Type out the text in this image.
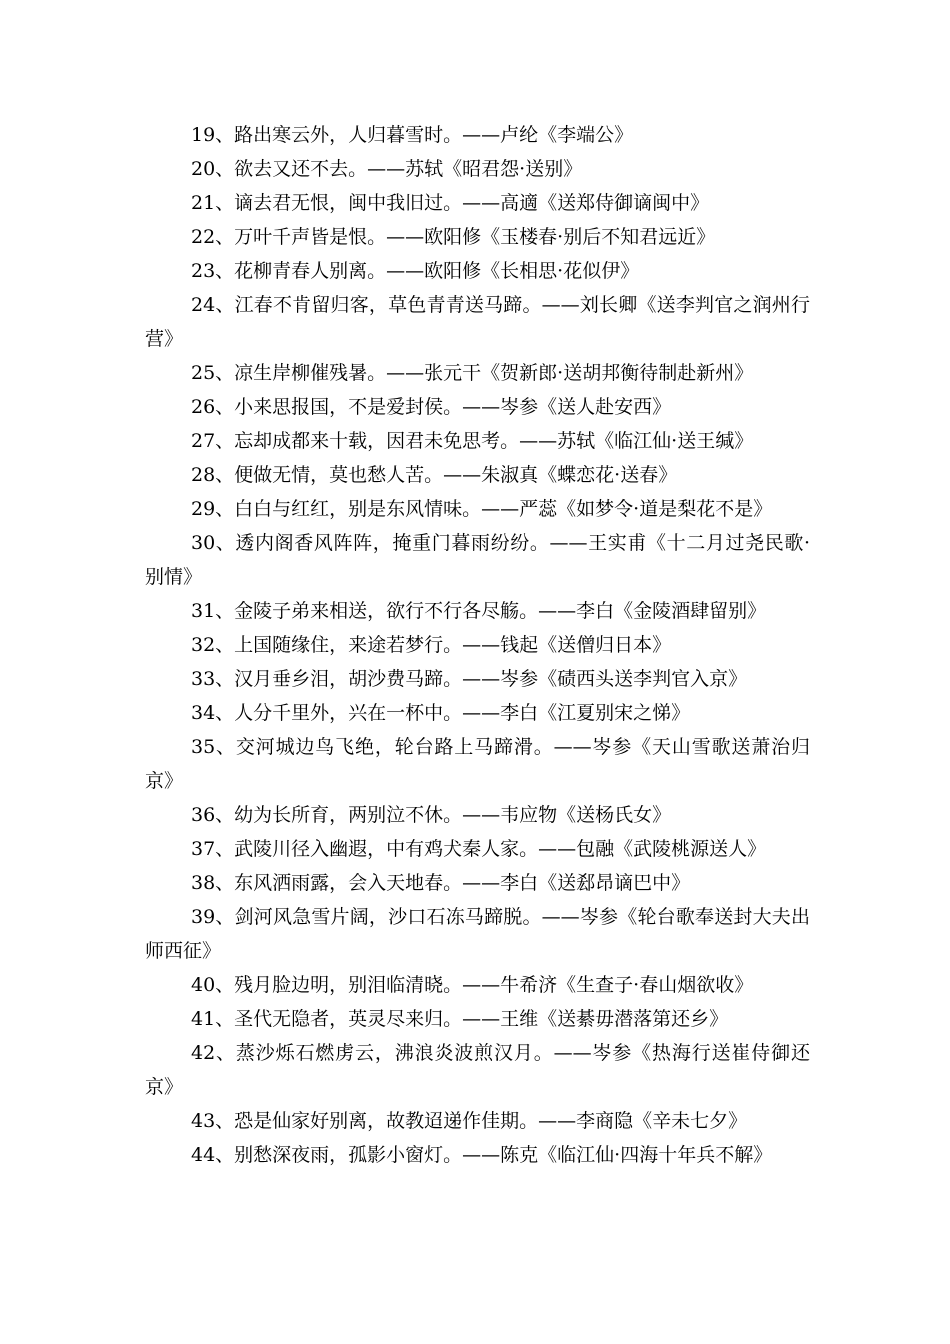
19、路出寒云外，人归暮雪时。——卢纶《李端公》

20、欲去又还不去。——苏轼《昭君怨·送别》

21、谪去君无恨，闽中我旧过。——高適《送郑侍御谪闽中》

22、万叶千声皆是恨。——欧阳修《玉楼春·别后不知君远近》

23、花柳青春人别离。——欧阳修《长相思·花似伊》

24、江春不肯留归客，草色青青送马蹄。——刘长卿《送李判官之润州行营》

25、凉生岸柳催残暑。——张元干《贺新郎·送胡邦衡待制赴新州》

26、小来思报国，不是爱封侯。——岑参《送人赴安西》

27、忘却成都来十载，因君未免思考。——苏轼《临江仙·送王缄》

28、便做无情，莫也愁人苦。——朱淑真《蝶恋花·送春》

29、白白与红红，别是东风情味。——严蕊《如梦令·道是梨花不是》

30、透内阁香风阵阵，掩重门暮雨纷纷。——王实甫《十二月过尧民歌·别情》

31、金陵子弟来相送，欲行不行各尽觞。——李白《金陵酒肆留别》

32、上国随缘住，来途若梦行。——钱起《送僧归日本》

33、汉月垂乡泪，胡沙费马蹄。——岑参《碛西头送李判官入京》

34、人分千里外，兴在一杯中。——李白《江夏别宋之悌》

35、交河城边鸟飞绝，轮台路上马蹄滑。——岑参《天山雪歌送萧治归京》

36、幼为长所育，两别泣不休。——韦应物《送杨氏女》

37、武陵川径入幽遐，中有鸡犬秦人家。——包融《武陵桃源送人》

38、东风洒雨露，会入天地春。——李白《送郄昂谪巴中》

39、剑河风急雪片阔，沙口石冻马蹄脱。——岑参《轮台歌奉送封大夫出师西征》

40、残月脸边明，别泪临清晓。——牛希济《生查子·春山烟欲收》

41、圣代无隐者，英灵尽来归。——王维《送綦毋潜落第还乡》

42、蒸沙烁石燃虏云，沸浪炎波煎汉月。——岑参《热海行送崔侍御还京》

43、恐是仙家好别离，故教迢递作佳期。——李商隐《辛未七夕》

44、别愁深夜雨，孤影小窗灯。——陈克《临江仙·四海十年兵不解》
